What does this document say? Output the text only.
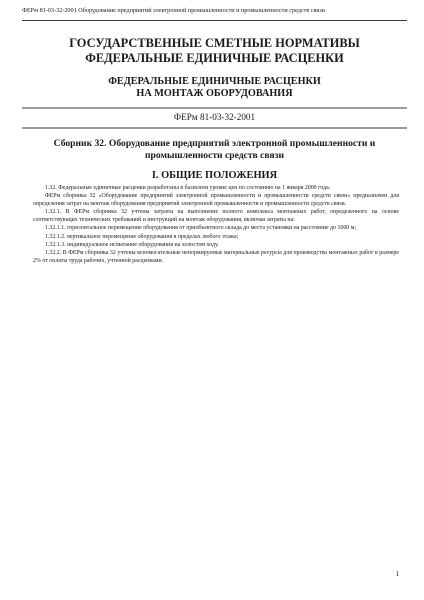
ФЕРм 81-03-32-2001 Оборудование предприятий электронной промышленности и промышленности средств связи
ГОСУДАРСТВЕННЫЕ СМЕТНЫЕ НОРМАТИВЫ
ФЕДЕРАЛЬНЫЕ ЕДИНИЧНЫЕ РАСЦЕНКИ
ФЕДЕРАЛЬНЫЕ ЕДИНИЧНЫЕ РАСЦЕНКИ
НА МОНТАЖ ОБОРУДОВАНИЯ
ФЕРм 81-03-32-2001
Сборник 32. Оборудование предприятий электронной промышленности и
промышленности средств связи
I. ОБЩИЕ ПОЛОЖЕНИЯ

1.32. Федеральные единичные расценки разработаны в базисном уровне цен по состоянию на 1 января 2000 года.

ФЕРм сборника 32 «Оборудование предприятий электронной промышленности и промышленности средств связи» предназначен для определения затрат на монтаж оборудования предприятий электронной промышленности и промышленности средств связи.

1.32.1. В ФЕРм сборника 32 учтены затраты на выполнение полного комплекса монтажных работ, определенного на основе соответствующих технических требований и инструкций на монтаж оборудования, включая затраты на:

1.32.1.1. горизонтальное перемещение оборудования от приобъектного склада до места установки на расстояние до 1000 м;

1.32.1.2. вертикальное перемещение оборудования в пределах любого этажа;

1.32.1.3. индивидуальное испытание оборудования на холостом ходу.

1.32.2. В ФЕРм сборника 32 учтены вспомогательные ненормируемые материальные ресурсы для производства монтажных работ в размере 2% от оплаты труда рабочих, учтенной расценками.

1
